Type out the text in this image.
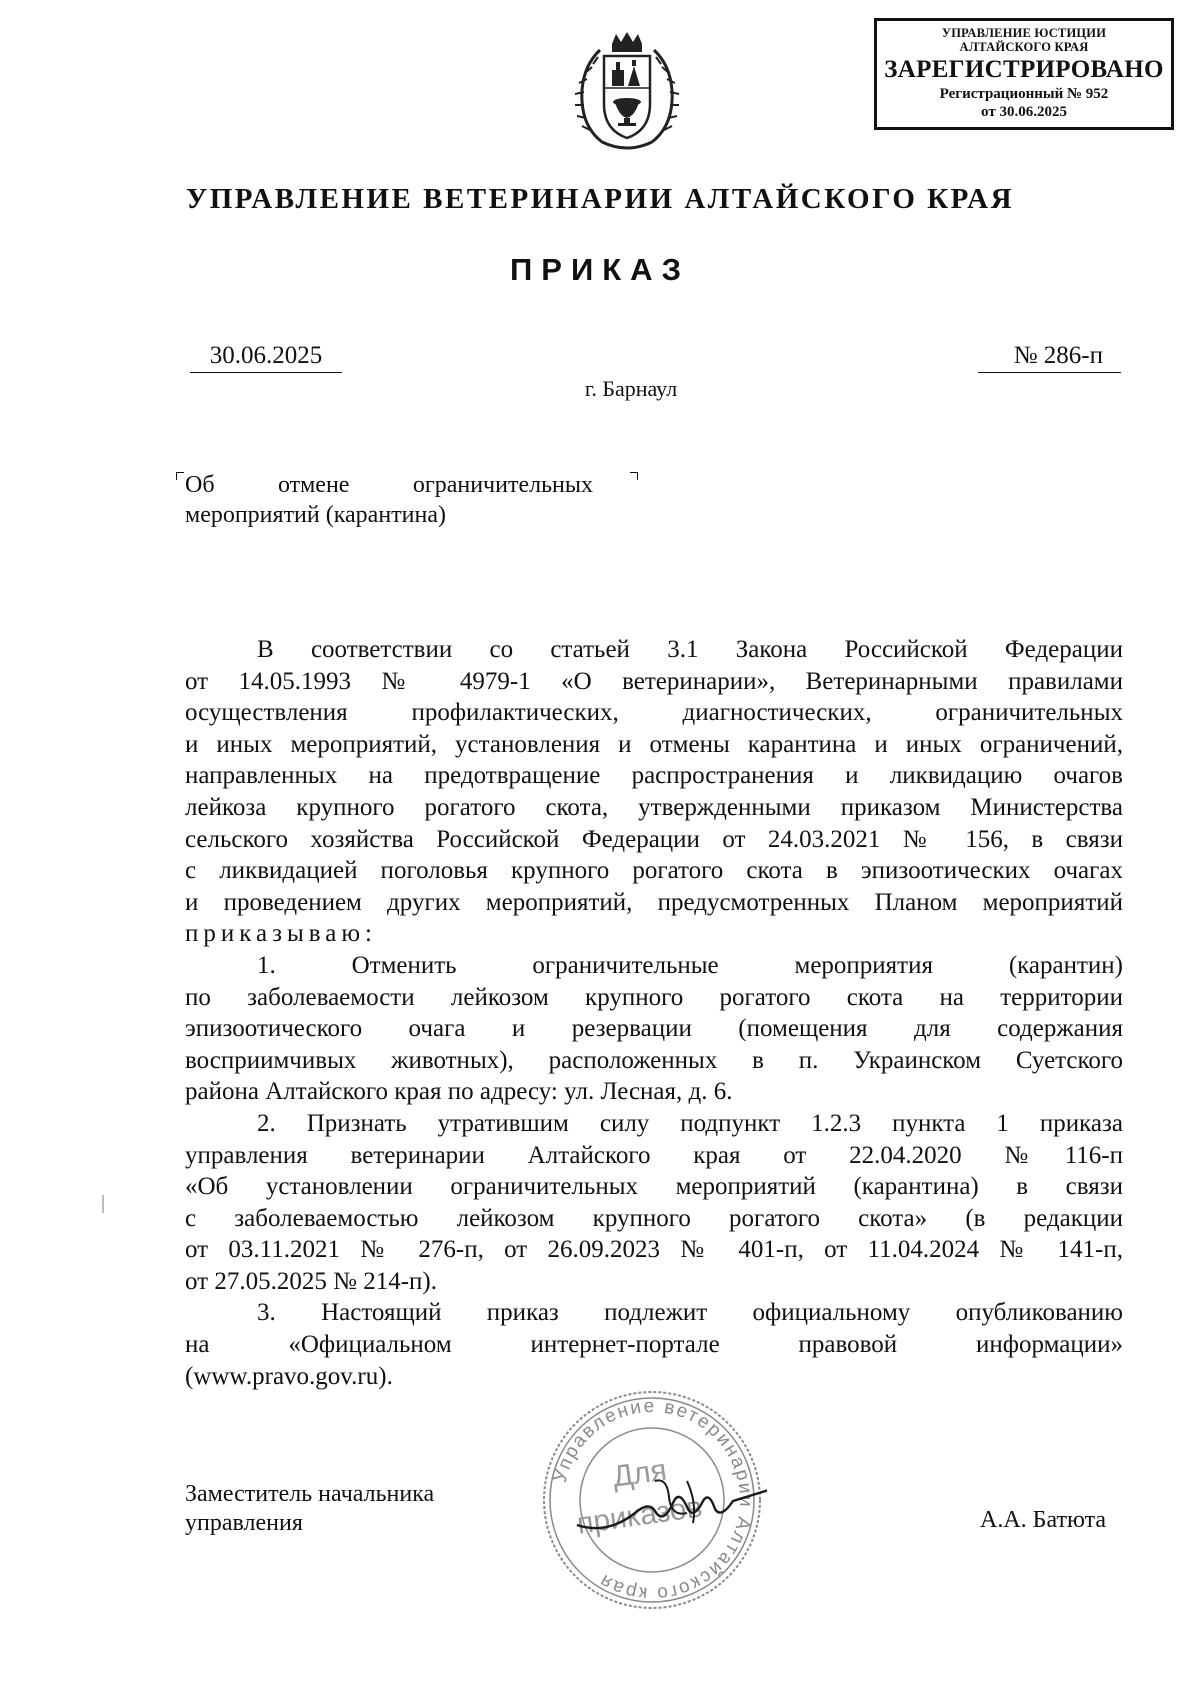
УПРАВЛЕНИЕ ЮСТИЦИИ
АЛТАЙСКОГО КРАЯ
ЗАРЕГИСТРИРОВАНО
Регистрационный № 952
от 30.06.2025
УПРАВЛЕНИЕ ВЕТЕРИНАРИИ АЛТАЙСКОГО КРАЯ
ПРИКАЗ
30.06.2025	№ 286-п
г. Барнаул
Об отмене ограничительных
мероприятий (карантина)
В соответствии со статьей 3.1 Закона Российской Федерации
от 14.05.1993 № 4979-1 «О ветеринарии», Ветеринарными правилами
осуществления профилактических, диагностических, ограничительных
и иных мероприятий, установления и отмены карантина и иных ограничений,
направленных на предотвращение распространения и ликвидацию очагов
лейкоза крупного рогатого скота, утвержденными приказом Министерства
сельского хозяйства Российской Федерации от 24.03.2021 № 156, в связи
с ликвидацией поголовья крупного рогатого скота в эпизоотических очагах
и проведением других мероприятий, предусмотренных Планом мероприятий
приказываю:
1. Отменить ограничительные мероприятия (карантин)
по заболеваемости лейкозом крупного рогатого скота на территории
эпизоотического очага и резервации (помещения для содержания
восприимчивых животных), расположенных в п. Украинском Суетского
района Алтайского края по адресу: ул. Лесная, д. 6.
2. Признать утратившим силу подпункт 1.2.3 пункта 1 приказа
управления ветеринарии Алтайского края от 22.04.2020 №116-п
«Об установлении ограничительных мероприятий (карантина) в связи
с заболеваемостью лейкозом крупного рогатого скота» (в редакции
от 03.11.2021 № 276-п, от 26.09.2023 № 401-п, от 11.04.2024 № 141-п,
от 27.05.2025 № 214-п).
3. Настоящий приказ подлежит официальному опубликованию
на «Официальном интернет-портале правовой информации»
(www.pravo.gov.ru).
Управление ветеринарии Алтайского края
Для
приказов
Заместитель начальника
управления	А.А. Батюта
